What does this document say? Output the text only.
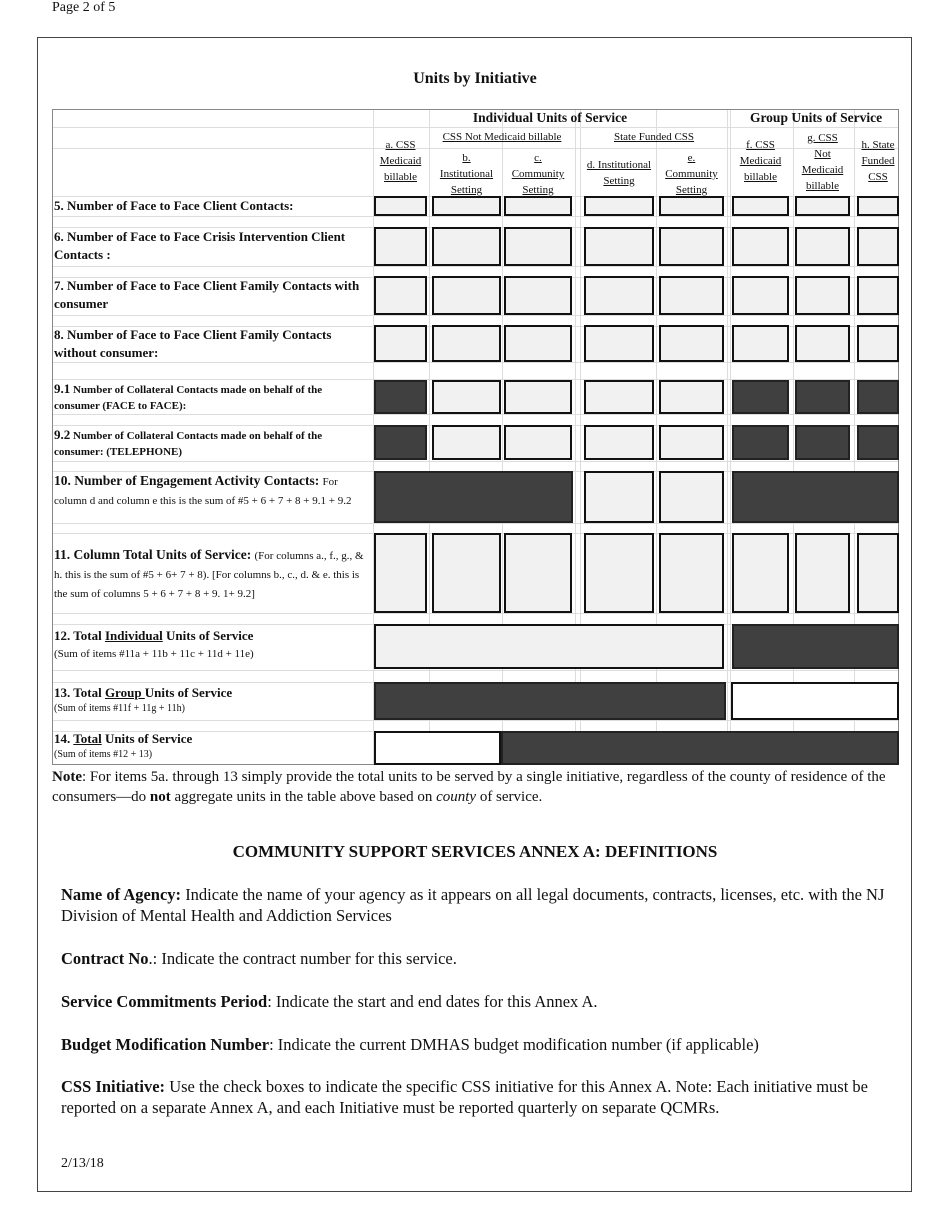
Page 2 of 5
Units by Initiative
Individual Units of Service	Group Units of Service
CSS Not Medicaid billable	State Funded CSS
a. CSS
Medicaid
billable
b.
Institutional
Setting
c.
Community
Setting
d. Institutional
Setting
e.
Community
Setting
f. CSS
Medicaid
billable
g. CSS
Not
Medicaid
billable
h. State
Funded
CSS
5. Number of Face to Face Client Contacts:
6. Number of Face to Face Crisis Intervention Client Contacts :
7. Number of Face to Face Client Family Contacts with consumer
8. Number of Face to Face Client Family Contacts without consumer:
9.1 Number of Collateral Contacts made on behalf of the consumer (FACE to FACE):
9.2 Number of Collateral Contacts made on behalf of the consumer: (TELEPHONE)
10. Number of Engagement Activity Contacts: For column d and column e this is the sum of #5 + 6 + 7 + 8 + 9.1 + 9.2
11. Column Total Units of Service: (For columns a., f., g., & h. this is the sum of #5 + 6+ 7 + 8). [For columns b., c., d. & e. this is the sum of columns 5 + 6 + 7 + 8 + 9. 1+ 9.2]
12. Total Individual Units of Service
(Sum of items #11a + 11b + 11c + 11d + 11e)
13. Total Group Units of Service
(Sum of items #11f + 11g + 11h)
14. Total Units of Service
(Sum of items #12 + 13)
Note: For items 5a. through 13 simply provide the total units to be served by a single initiative, regardless of the county of residence of the consumers—do not aggregate units in the table above based on county of service.
COMMUNITY SUPPORT SERVICES ANNEX A: DEFINITIONS
Name of Agency: Indicate the name of your agency as it appears on all legal documents, contracts, licenses, etc. with the NJ Division of Mental Health and Addiction Services
Contract No.: Indicate the contract number for this service.
Service Commitments Period: Indicate the start and end dates for this Annex A.
Budget Modification Number: Indicate the current DMHAS budget modification number (if applicable)
CSS Initiative: Use the check boxes to indicate the specific CSS initiative for this Annex A. Note: Each initiative must be reported on a separate Annex A, and each Initiative must be reported quarterly on separate QCMRs.
2/13/18
